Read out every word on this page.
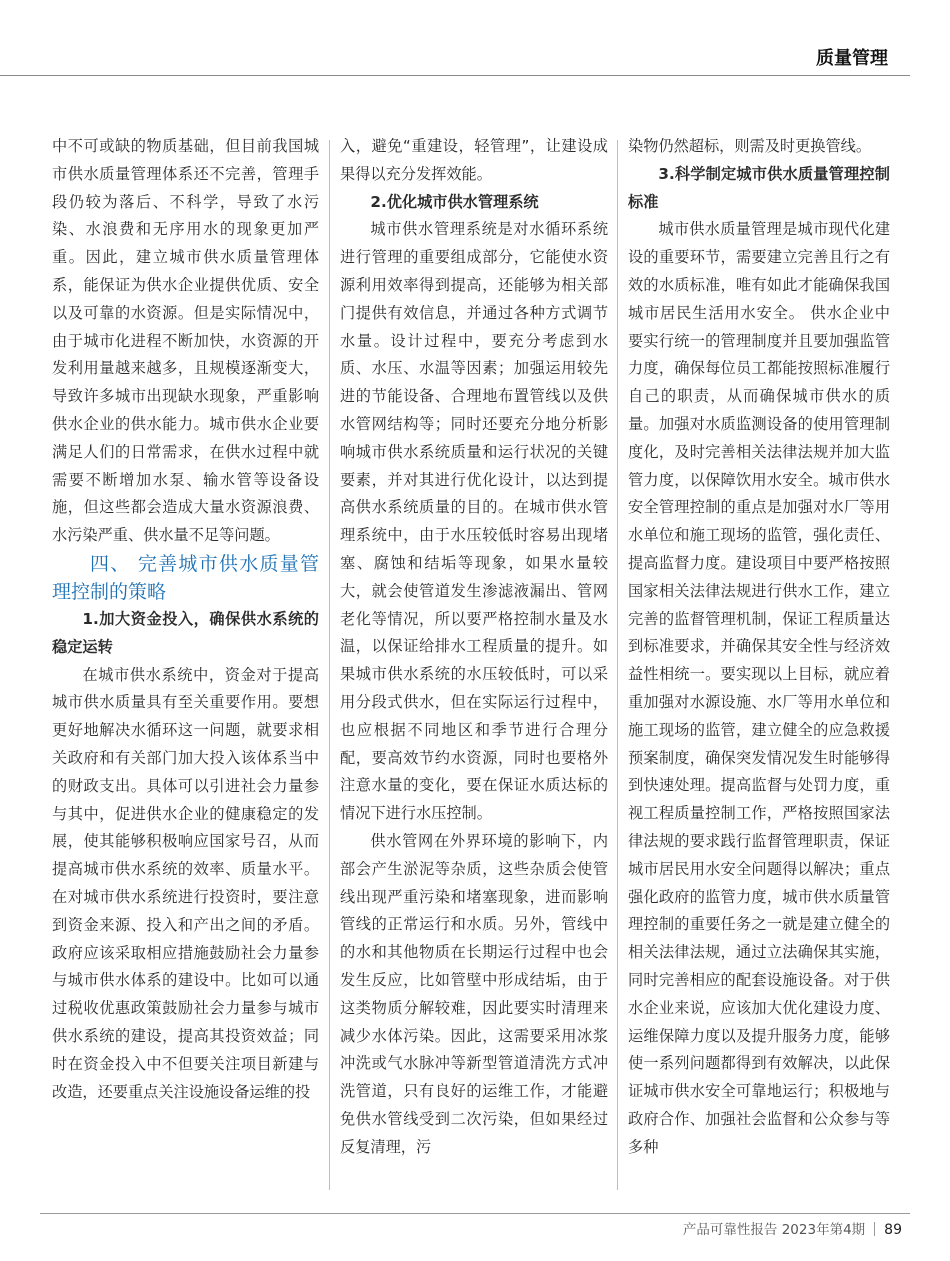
质量管理

中不可或缺的物质基础，但目前我国城市供水质量管理体系还不完善，管理手段仍较为落后、不科学，导致了水污染、水浪费和无序用水的现象更加严重。因此，建立城市供水质量管理体系，能保证为供水企业提供优质、安全以及可靠的水资源。但是实际情况中，由于城市化进程不断加快，水资源的开发利用量越来越多，且规模逐渐变大，导致许多城市出现缺水现象，严重影响供水企业的供水能力。城市供水企业要满足人们的日常需求，在供水过程中就需要不断增加水泵、输水管等设备设施，但这些都会造成大量水资源浪费、水污染严重、供水量不足等问题。

四、 完善城市供水质量管理控制的策略

1.加大资金投入，确保供水系统的稳定运转

在城市供水系统中，资金对于提高城市供水质量具有至关重要作用。要想更好地解决水循环这一问题，就要求相关政府和有关部门加大投入该体系当中的财政支出。具体可以引进社会力量参与其中，促进供水企业的健康稳定的发展，使其能够积极响应国家号召，从而提高城市供水系统的效率、质量水平。在对城市供水系统进行投资时，要注意到资金来源、投入和产出之间的矛盾。政府应该采取相应措施鼓励社会力量参与城市供水体系的建设中。比如可以通过税收优惠政策鼓励社会力量参与城市供水系统的建设，提高其投资效益；同时在资金投入中不但要关注项目新建与改造，还要重点关注设施设备运维的投

入，避免“重建设，轻管理”，让建设成果得以充分发挥效能。

2.优化城市供水管理系统

城市供水管理系统是对水循环系统进行管理的重要组成部分，它能使水资源利用效率得到提高，还能够为相关部门提供有效信息，并通过各种方式调节水量。设计过程中，要充分考虑到水质、水压、水温等因素；加强运用较先进的节能设备、合理地布置管线以及供水管网结构等；同时还要充分地分析影响城市供水系统质量和运行状况的关键要素，并对其进行优化设计，以达到提高供水系统质量的目的。在城市供水管理系统中，由于水压较低时容易出现堵塞、腐蚀和结垢等现象，如果水量较大，就会使管道发生渗滤液漏出、管网老化等情况，所以要严格控制水量及水温，以保证给排水工程质量的提升。如果城市供水系统的水压较低时，可以采用分段式供水，但在实际运行过程中，也应根据不同地区和季节进行合理分配，要高效节约水资源，同时也要格外注意水量的变化，要在保证水质达标的情况下进行水压控制。

供水管网在外界环境的影响下，内部会产生淤泥等杂质，这些杂质会使管线出现严重污染和堵塞现象，进而影响管线的正常运行和水质。另外，管线中的水和其他物质在长期运行过程中也会发生反应，比如管壁中形成结垢，由于这类物质分解较难，因此要实时清理来减少水体污染。因此，这需要采用冰浆冲洗或气水脉冲等新型管道清洗方式冲洗管道，只有良好的运维工作，才能避免供水管线受到二次污染，但如果经过反复清理，污

染物仍然超标，则需及时更换管线。

3.科学制定城市供水质量管理控制标准

城市供水质量管理是城市现代化建设的重要环节，需要建立完善且行之有效的水质标准，唯有如此才能确保我国城市居民生活用水安全。 供水企业中要实行统一的管理制度并且要加强监管力度，确保每位员工都能按照标准履行自己的职责，从而确保城市供水的质量。加强对水质监测设备的使用管理制度化，及时完善相关法律法规并加大监管力度，以保障饮用水安全。城市供水安全管理控制的重点是加强对水厂等用水单位和施工现场的监管，强化责任、提高监督力度。建设项目中要严格按照国家相关法律法规进行供水工作，建立完善的监督管理机制，保证工程质量达到标准要求，并确保其安全性与经济效益性相统一。要实现以上目标，就应着重加强对水源设施、水厂等用水单位和施工现场的监管，建立健全的应急救援预案制度，确保突发情况发生时能够得到快速处理。提高监督与处罚力度，重视工程质量控制工作，严格按照国家法律法规的要求践行监督管理职责，保证城市居民用水安全问题得以解决；重点强化政府的监管力度，城市供水质量管理控制的重要任务之一就是建立健全的相关法律法规，通过立法确保其实施，同时完善相应的配套设施设备。对于供水企业来说，应该加大优化建设力度、运维保障力度以及提升服务力度，能够使一系列问题都得到有效解决，以此保证城市供水安全可靠地运行；积极地与政府合作、加强社会监督和公众参与等多种

产品可靠性报告 2023年第4期 89
